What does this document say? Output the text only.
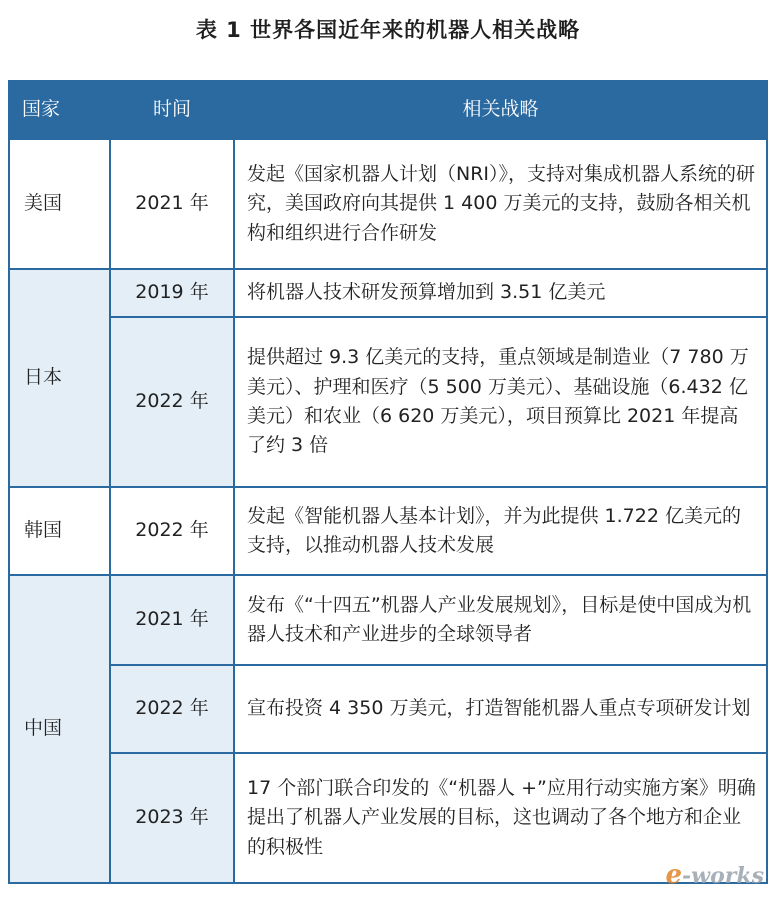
表 1 世界各国近年来的机器人相关战略
国家	时间	相关战略
美国	2021 年	发起《国家机器人计划（NRI）》，支持对集成机器人系统的研究，美国政府向其提供 1 400 万美元的支持，鼓励各相关机构和组织进行合作研发
日本	2019 年	将机器人技术研发预算增加到 3.51 亿美元
	2022 年	提供超过 9.3 亿美元的支持，重点领域是制造业（7 780 万美元）、护理和医疗（5 500 万美元）、基础设施（6.432 亿美元）和农业（6 620 万美元），项目预算比 2021 年提高了约 3 倍
韩国	2022 年	发起《智能机器人基本计划》，并为此提供 1.722 亿美元的支持，以推动机器人技术发展
中国	2021 年	发布《“十四五”机器人产业发展规划》，目标是使中国成为机器人技术和产业进步的全球领导者
	2022 年	宣布投资 4 350 万美元，打造智能机器人重点专项研发计划
	2023 年	17 个部门联合印发的《“机器人 +”应用行动实施方案》明确提出了机器人产业发展的目标，这也调动了各个地方和企业的积极性
e-works
